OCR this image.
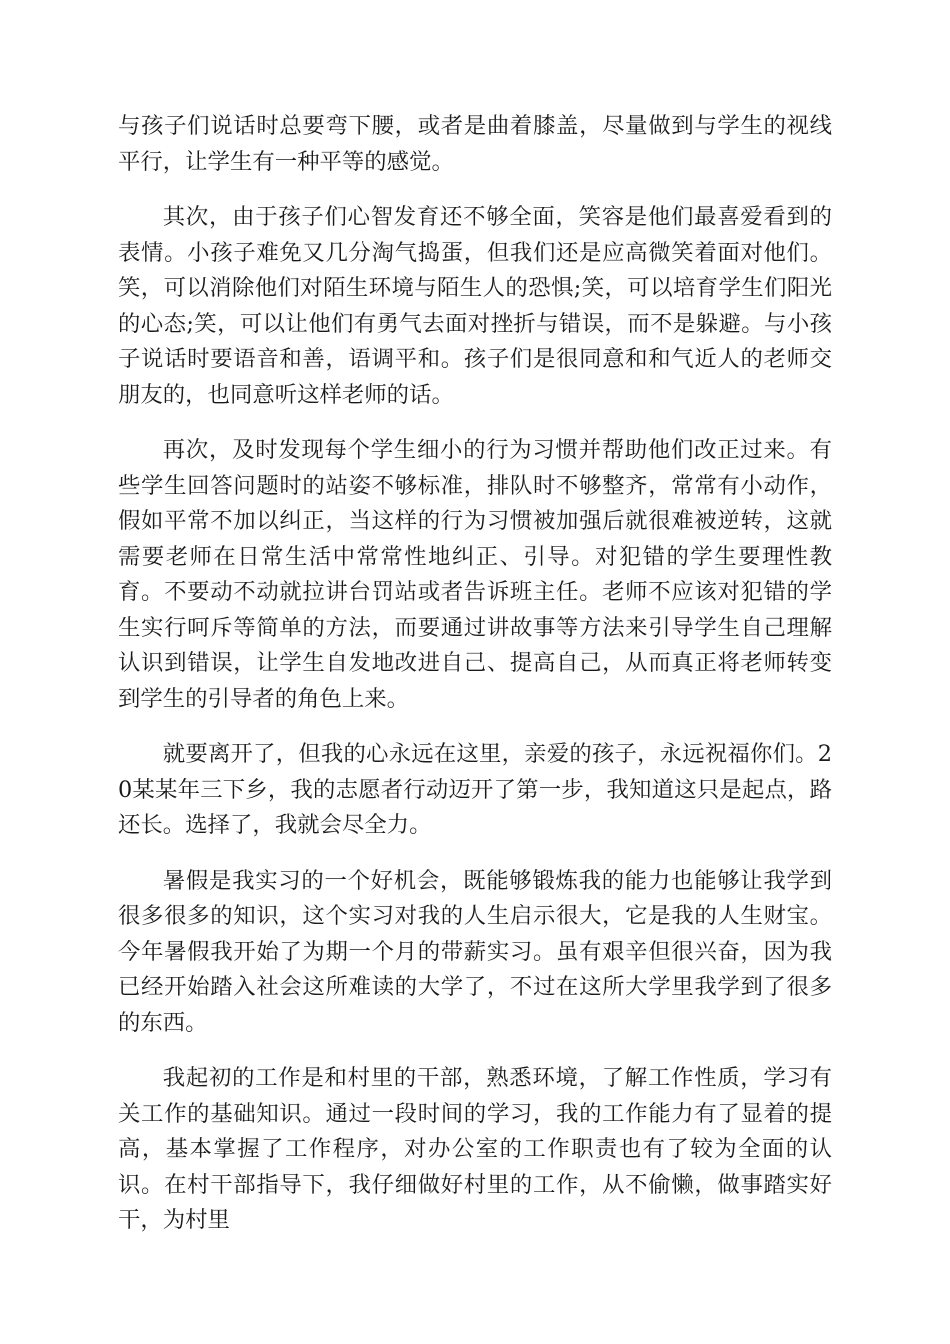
与孩子们说话时总要弯下腰，或者是曲着膝盖，尽量做到与学生的视线平行，让学生有一种平等的感觉。

其次，由于孩子们心智发育还不够全面，笑容是他们最喜爱看到的表情。小孩子难免又几分淘气捣蛋，但我们还是应高微笑着面对他们。笑，可以消除他们对陌生环境与陌生人的恐惧;笑，可以培育学生们阳光的心态;笑，可以让他们有勇气去面对挫折与错误，而不是躲避。与小孩子说话时要语音和善，语调平和。孩子们是很同意和和气近人的老师交朋友的，也同意听这样老师的话。

再次，及时发现每个学生细小的行为习惯并帮助他们改正过来。有些学生回答问题时的站姿不够标准，排队时不够整齐，常常有小动作，假如平常不加以纠正，当这样的行为习惯被加强后就很难被逆转，这就需要老师在日常生活中常常性地纠正、引导。对犯错的学生要理性教育。不要动不动就拉讲台罚站或者告诉班主任。老师不应该对犯错的学生实行呵斥等简单的方法，而要通过讲故事等方法来引导学生自己理解认识到错误，让学生自发地改进自己、提高自己，从而真正将老师转变到学生的引导者的角色上来。

就要离开了，但我的心永远在这里，亲爱的孩子，永远祝福你们。20某某年三下乡，我的志愿者行动迈开了第一步，我知道这只是起点，路还长。选择了，我就会尽全力。

暑假是我实习的一个好机会，既能够锻炼我的能力也能够让我学到很多很多的知识，这个实习对我的人生启示很大，它是我的人生财宝。今年暑假我开始了为期一个月的带薪实习。虽有艰辛但很兴奋，因为我已经开始踏入社会这所难读的大学了，不过在这所大学里我学到了很多的东西。

我起初的工作是和村里的干部，熟悉环境，了解工作性质，学习有关工作的基础知识。通过一段时间的学习，我的工作能力有了显着的提高，基本掌握了工作程序，对办公室的工作职责也有了较为全面的认识。在村干部指导下，我仔细做好村里的工作，从不偷懒，做事踏实好干，为村里
